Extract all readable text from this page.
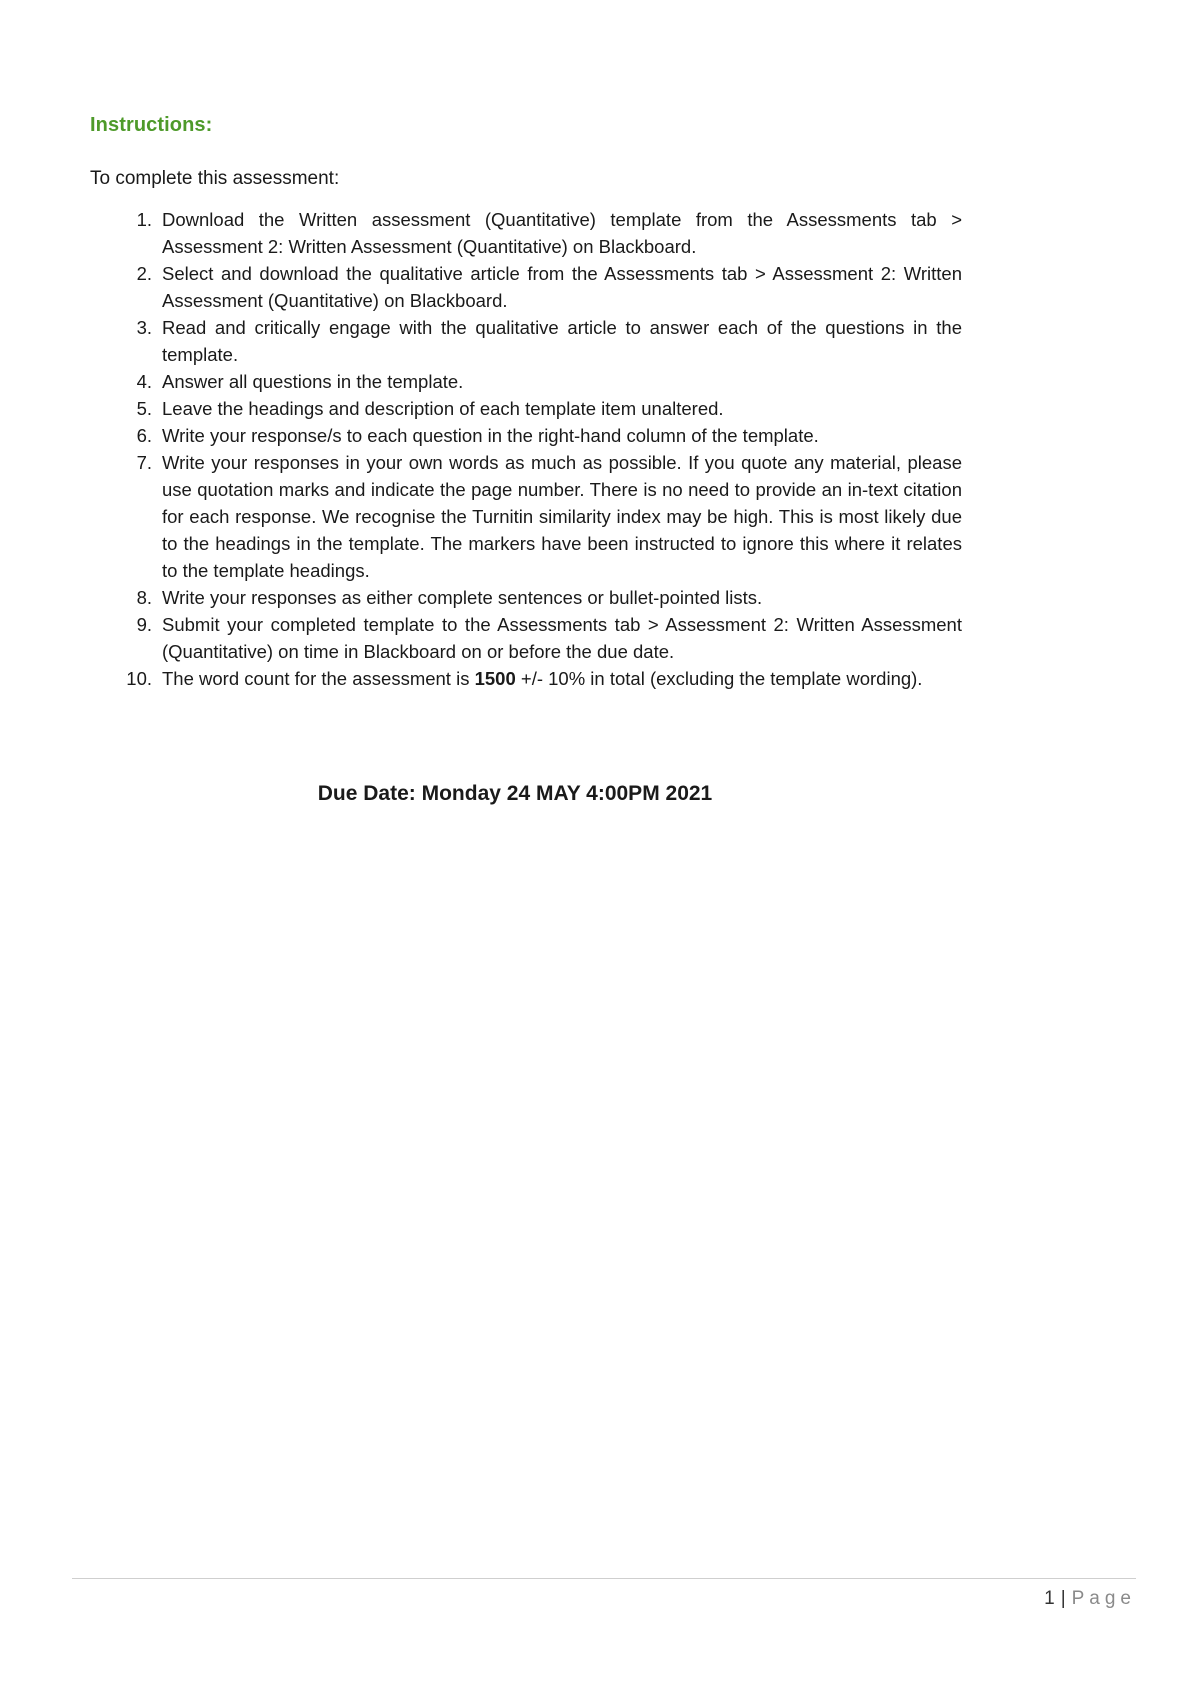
Instructions:
To complete this assessment:
1. Download the Written assessment (Quantitative) template from the Assessments tab > Assessment 2: Written Assessment (Quantitative) on Blackboard.
2. Select and download the qualitative article from the Assessments tab > Assessment 2: Written Assessment (Quantitative) on Blackboard.
3. Read and critically engage with the qualitative article to answer each of the questions in the template.
4. Answer all questions in the template.
5. Leave the headings and description of each template item unaltered.
6. Write your response/s to each question in the right-hand column of the template.
7. Write your responses in your own words as much as possible. If you quote any material, please use quotation marks and indicate the page number. There is no need to provide an in-text citation for each response. We recognise the Turnitin similarity index may be high. This is most likely due to the headings in the template. The markers have been instructed to ignore this where it relates to the template headings.
8. Write your responses as either complete sentences or bullet-pointed lists.
9. Submit your completed template to the Assessments tab > Assessment 2: Written Assessment (Quantitative) on time in Blackboard on or before the due date.
10. The word count for the assessment is 1500 +/- 10% in total (excluding the template wording).
Due Date: Monday 24 MAY 4:00PM 2021
1 | Page
